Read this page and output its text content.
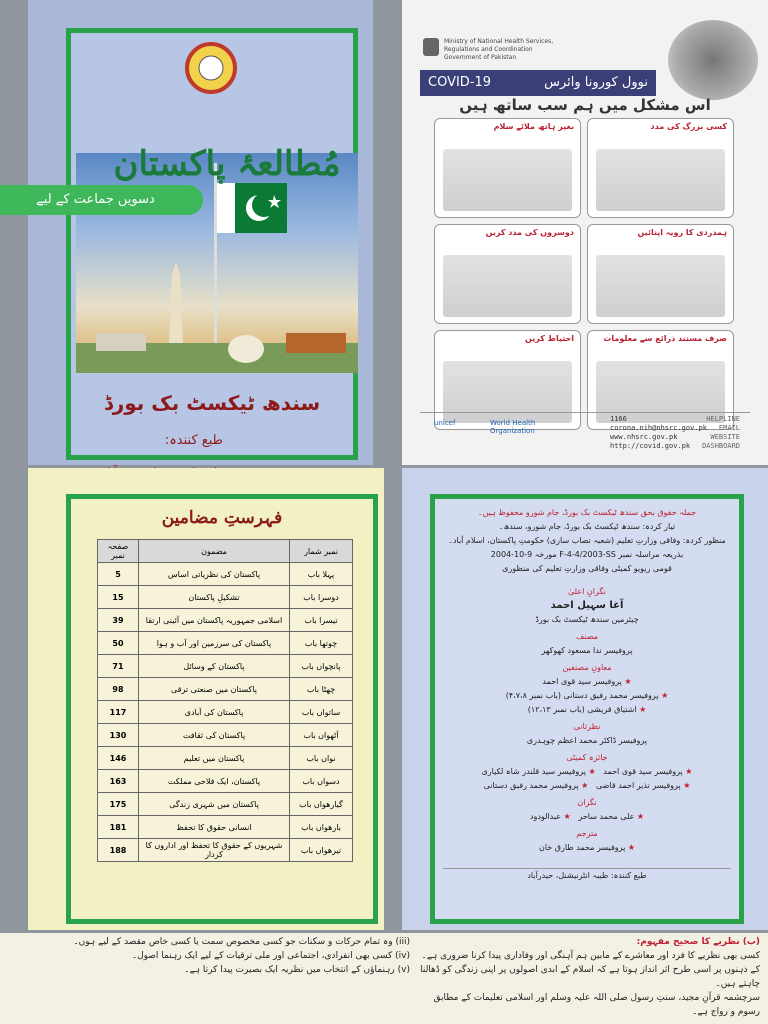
مُطالعۂ پاکستان
سندھ ٹیکسٹ بک بورڈ
طبع کنندہ:
دسویں جماعت کے لیے
Ministry of National Health Services, Regulations and Coordination Government of Pakistan
COVID-19	نوول کورونا وائرس
اس مشکل میں ہم سب ساتھ ہیں
بغیر ہاتھ ملائے سلام	کسی بزرگ کی مدد
دوسروں کی مدد کریں	ہمدردی کا رویہ اپنائیں
احتیاط کریں	صرف مستند ذرائع سے معلومات
unicef	World Health Organization
1166	HELPLINE
corona.nih@nhsrc.gov.pk EMAIL
www.nhsrc.gov.pk	WEBSITE
http://covid.gov.pk DASHBOARD
فہرستِ مضامین
نمبر شمار	مضمون	صفحہ نمبر
پہلا باب	پاکستان کی نظریاتی اساس	5
دوسرا باب	تشکیلِ پاکستان	15
تیسرا باب	اسلامی جمہوریہ پاکستان میں آئینی ارتقا	39
چوتھا باب	پاکستان کی سرزمین اور آب و ہوا	50
پانچواں باب	پاکستان کے وسائل	71
چھٹا باب	پاکستان میں صنعتی ترقی	98
ساتواں باب	پاکستان کی آبادی	117
آٹھواں باب	پاکستان کی ثقافت	130
نواں باب	پاکستان میں تعلیم	146
دسواں باب	پاکستان، ایک فلاحی مملکت	163
گیارھواں باب	پاکستان میں شہری زندگی	175
بارھواں باب	انسانی حقوق کا تحفظ	181
تیرھواں باب	شہریوں کے حقوق کا تحفظ اور اداروں کا کردار	188
جملہ حقوق بحق سندھ ٹیکسٹ بک بورڈ، جام شورو محفوظ ہیں۔
تیار کردہ: سندھ ٹیکسٹ بک بورڈ، جام شورو، سندھ۔
منظور کردہ: وفاقی وزارتِ تعلیم (شعبہ نصاب سازی) حکومتِ پاکستان، اسلام آباد۔
بذریعہ مراسلہ نمبر F-4-4/2003-SS مورخہ 9-10-2004
قومی ریویو کمیٹی وفاقی وزارتِ تعلیم کی منظوری
نگرانِ اعلیٰ
آغا سہیل احمد
چیئرمین سندھ ٹیکسٹ بک بورڈ
مصنف
پروفیسر ندا مسعود کھوکھر
معاونِ مصنفین
★ پروفیسر سید قوی احمد
★ پروفیسر محمد رفیق دستانی (باب نمبر ۴،۷،۸)
★ اشتیاق قریشی (باب نمبر ۱۲،۱۳)
نظرثانی
پروفیسر ڈاکٹر محمد اعظم چوہدری
جائزہ کمیٹی
★ پروفیسر سید قوی احمد   ★ پروفیسر سید قلندر شاہ لکیاری
★ پروفیسر نذیر احمد قاضی   ★ پروفیسر محمد رفیق دستانی
نگران
★ علی محمد ساحر   ★ عبدالودود
مترجم
★ پروفیسر محمد طارق خان
طبع کنندہ: طیبہ انٹرنیشنل، حیدرآباد
(iii) وہ تمام حرکات و سکنات جو کسی مخصوص سمت یا کسی خاص مقصد کے لیے ہوں۔
(iv) کسی بھی انفرادی، اجتماعی اور ملی ترقیات کے لیے ایک رہنما اصول۔
(v) رہنماؤں کے انتخاب میں نظریہ ایک بصیرت پیدا کرتا ہے۔
(ب) نظریے کا صحیح مفہوم:
کسی بھی نظریے کا فرد اور معاشرے کے مابین ہم آہنگی اور وفاداری پیدا کرنا ضروری ہے۔
کے ذہنوں پر اسی طرح اثر انداز ہوتا ہے کہ اسلام کے ابدی اصولوں پر اپنی زندگی کو ڈھالنا چاہتے ہیں۔
سرچشمہ قرآنِ مجید، سنتِ رسول صلی اللہ علیہ وسلم اور اسلامی تعلیمات کے مطابق رسوم و رواج ہے۔
